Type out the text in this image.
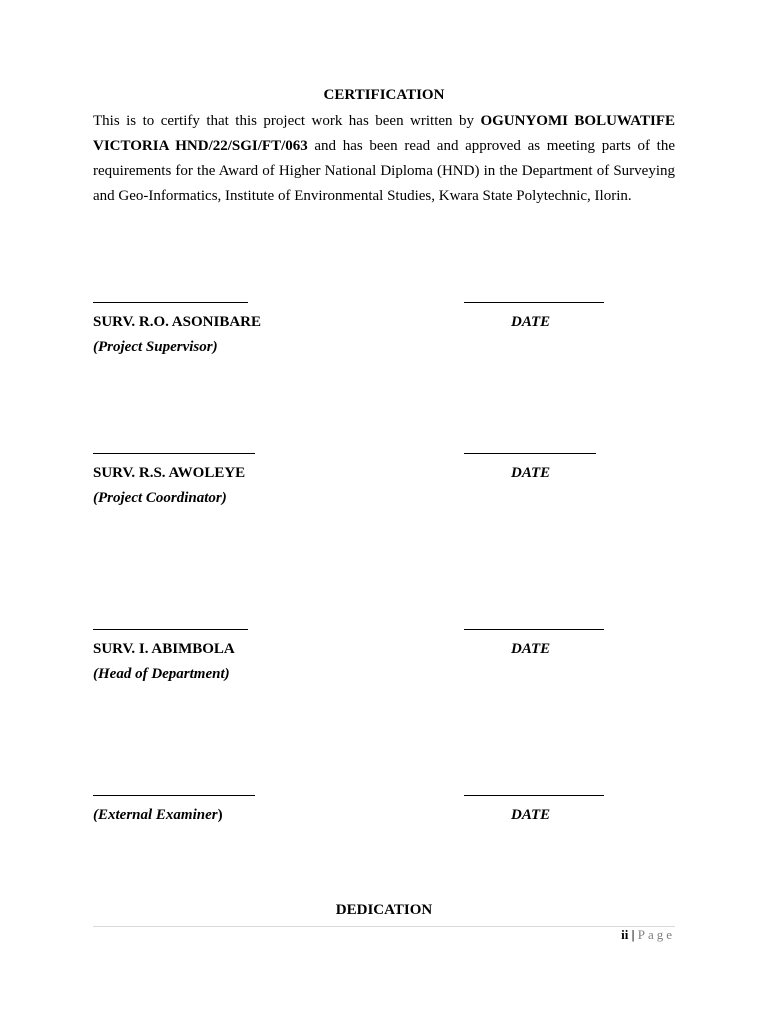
CERTIFICATION

This is to certify that this project work has been written by OGUNYOMI BOLUWATIFE VICTORIA HND/22/SGI/FT/063 and has been read and approved as meeting parts of the requirements for the Award of Higher National Diploma (HND) in the Department of Surveying and Geo-Informatics, Institute of Environmental Studies, Kwara State Polytechnic, Ilorin.

SURV. R.O. ASONIBARE	DATE
(Project Supervisor)
SURV. R.S. AWOLEYE	DATE
(Project Coordinator)
SURV. I. ABIMBOLA	DATE
(Head of Department)
(External Examiner)	DATE
DEDICATION
ii | Page
